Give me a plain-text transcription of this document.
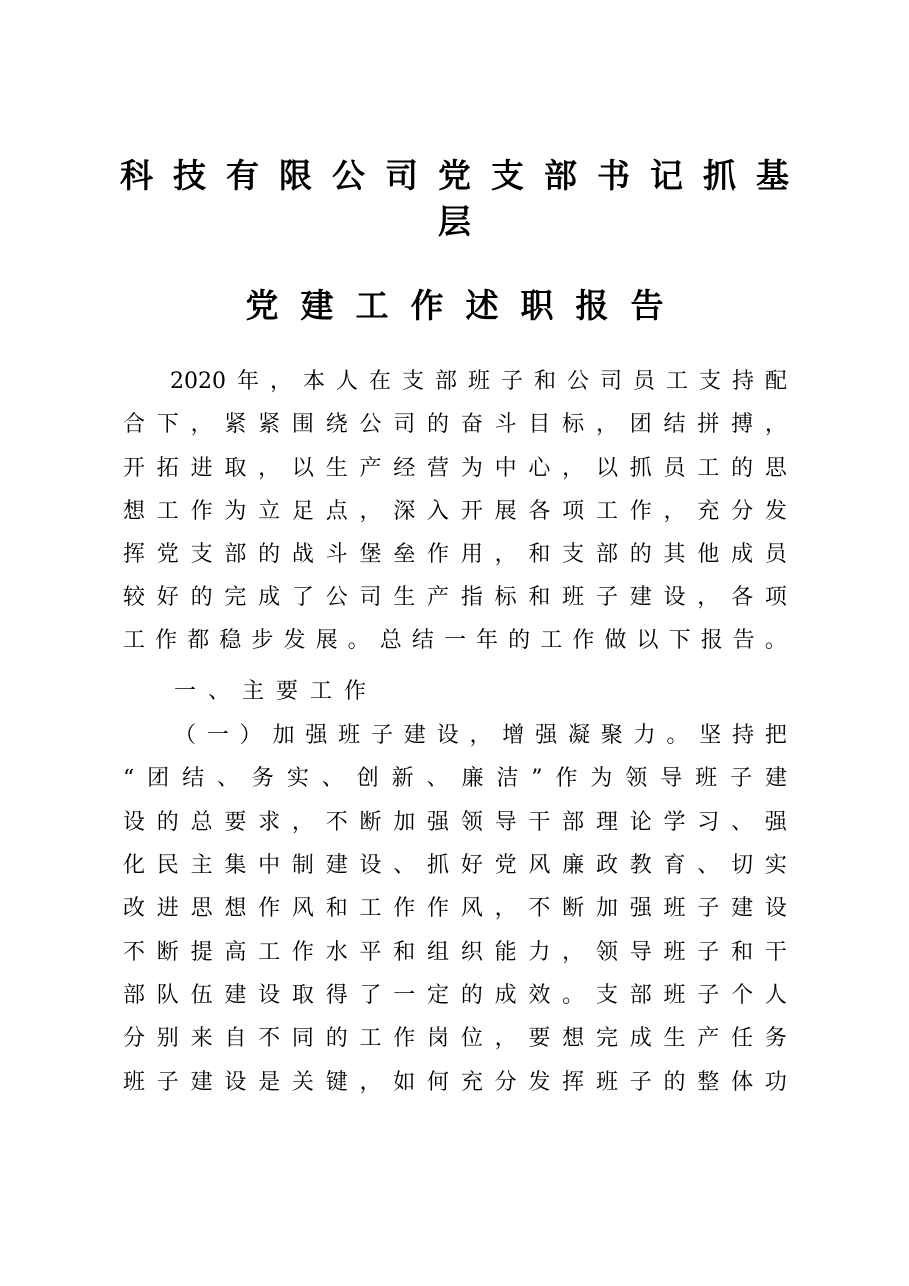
科技有限公司党支部书记抓基
层
党建工作述职报告
2020 年 ， 本 人 在 支 部 班 子 和 公 司 员 工 支 持 配
合 下 ， 紧 紧 围 绕 公 司 的 奋 斗 目 标 ， 团 结 拼 搏 ，
开 拓 进 取 ， 以 生 产 经 营 为 中 心 ， 以 抓 员 工 的 思
想 工 作 为 立 足 点 ， 深 入 开 展 各 项 工 作 ， 充 分 发
挥 党 支 部 的 战 斗 堡 垒 作 用 ， 和 支 部 的 其 他 成 员
较 好 的 完 成 了 公 司 生 产 指 标 和 班 子 建 设 ， 各 项
工 作 都 稳 步 发 展 。 总 结 一 年 的 工 作 做 以 下 报 告 。
一、主要工作
（ 一 ） 加 强 班 子 建 设 ， 增 强 凝 聚 力 。 坚 持 把
“ 团 结 、 务 实 、 创 新 、 廉 洁 ” 作 为 领 导 班 子 建
设 的 总 要 求 ， 不 断 加 强 领 导 干 部 理 论 学 习 、 强
化 民 主 集 中 制 建 设 、 抓 好 党 风 廉 政 教 育 、 切 实
改 进 思 想 作 风 和 工 作 作 风 ， 不 断 加 强 班 子 建 设
不 断 提 高 工 作 水 平 和 组 织 能 力 ， 领 导 班 子 和 干
部 队 伍 建 设 取 得 了 一 定 的 成 效 。 支 部 班 子 个 人
分 别 来 自 不 同 的 工 作 岗 位 ， 要 想 完 成 生 产 任 务
班 子 建 设 是 关 键 ， 如 何 充 分 发 挥 班 子 的 整 体 功
